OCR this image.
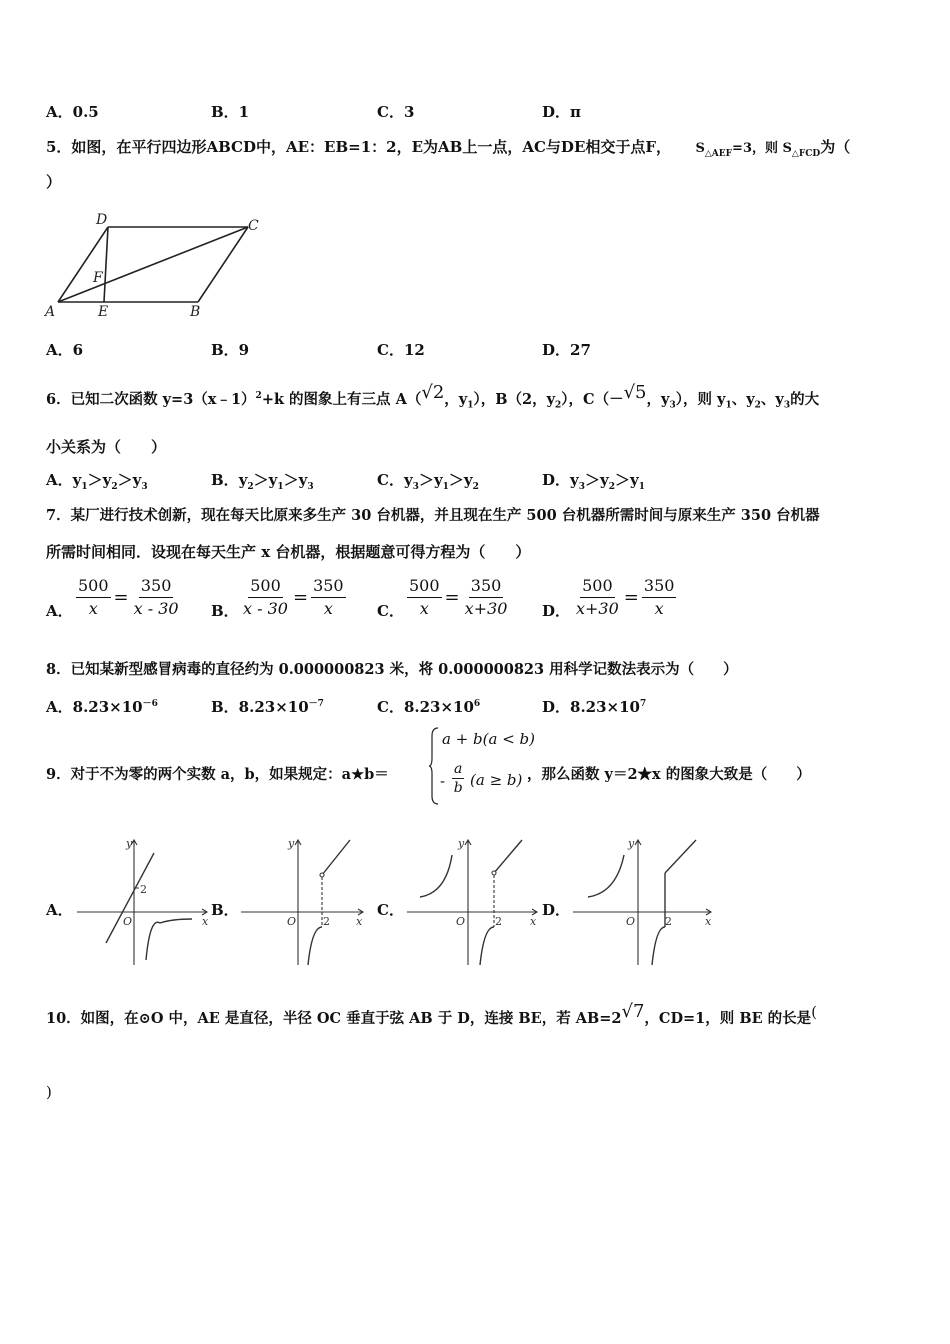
A．0.5	B．1	C．3	D．π
5．如图，在平行四边形ABCD中，AE：EB=1：2，E为AB上一点，AC与DE相交于点F， $S_{\triangle AEF}=3$，则 $S_{\triangle FCD}$为（
）
D	C
F
A	E	B
A．6	B．9	C．12	D．27
6．已知二次函数 y=3（x﹣1）$^2$+k 的图象上有三点 A（√2，$y_1$），B（2，$y_2$），C（－√5，$y_3$），则 $y_1$、$y_2$、$y_3$的大
小关系为（　　）
A．$y_1>y_2>y_3$	B．$y_2>y_1>y_3$	C．$y_3>y_1>y_2$	D．$y_3>y_2>y_1$
7．某厂进行技术创新，现在每天比原来多生产 30 台机器，并且现在生产 500 台机器所需时间与原来生产 350 台机器
所需时间相同．设现在每天生产 x 台机器，根据题意可得方程为（　　）
A． $\frac{500}{x} = \frac{350}{x - 30}$ B． $\frac{500}{x - 30} = \frac{350}{x}$ C． $\frac{500}{x} = \frac{350}{x+30}$ D． $\frac{500}{x+30} = \frac{350}{x}$
8．已知某新型感冒病毒的直径约为 0.000000823 米，将 0.000000823 用科学记数法表示为（　　）
A．$8.23\times 10^{-6}$	B．$8.23\times 10^{-7}$	C．$8.23\times 10^6$	D．$8.23\times 10^7$
9．对于不为零的两个实数 a，b，如果规定：a★b＝
a + b(a < b)
-
a
b (a ≥ b) ，那么函数 y＝2★x 的图象大致是（　　）
A．	B．	C．	D．
y
x
O
2
y
x
O 2
y
x
O	2
y
x
O	2
10．如图，在⊙O 中，AE 是直径，半径 OC 垂直于弦 AB 于 D，连接 BE，若 AB=2√7，CD=1，则 BE 的长是(
)
